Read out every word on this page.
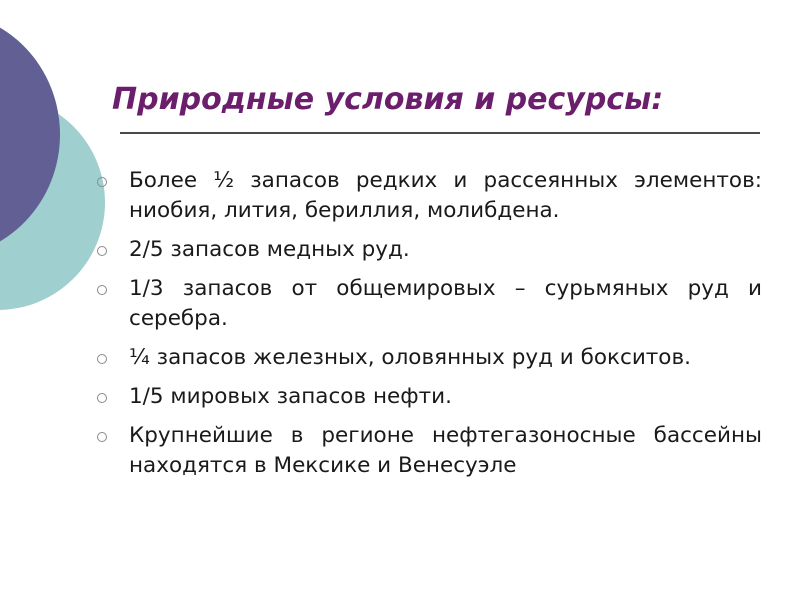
Природные условия и ресурсы:
Более ½ запасов редких и рассеянных элементов: ниобия, лития, бериллия, молибдена.
2/5 запасов медных руд.
1/3 запасов от общемировых – сурьмяных руд и серебра.
¼ запасов железных, оловянных руд и бокситов.
1/5 мировых запасов нефти.
Крупнейшие в регионе нефтегазоносные бассейны находятся в Мексике и Венесуэле
